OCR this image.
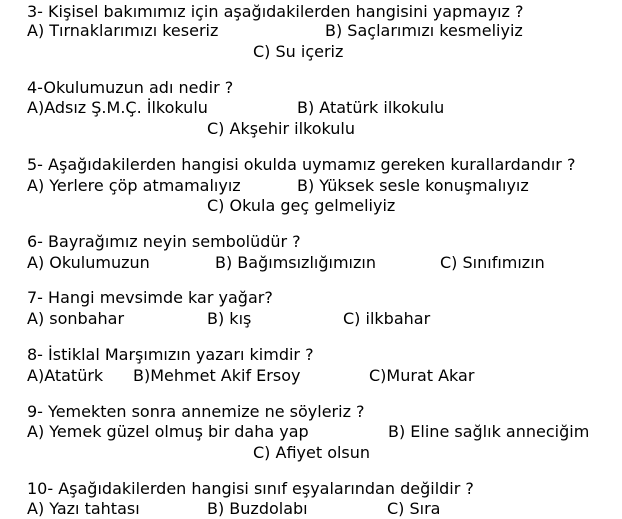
3- Kişisel bakımımız için aşağıdakilerden hangisini yapmayız ?
A) Tırnaklarımızı keseriz	B) Saçlarımızı kesmeliyiz
C) Su içeriz
4-Okulumuzun adı nedir ?
A)Adsız Ş.M.Ç. İlkokulu	B) Atatürk ilkokulu
C) Akşehir ilkokulu
5- Aşağıdakilerden hangisi okulda uymamız gereken kurallardandır ?
A) Yerlere çöp atmamalıyız	B) Yüksek sesle konuşmalıyız
C) Okula geç gelmeliyiz
6- Bayrağımız neyin sembolüdür ?
A) Okulumuzun	B) Bağımsızlığımızın	C) Sınıfımızın
7- Hangi mevsimde kar yağar?
A) sonbahar	B) kış	C) ilkbahar
8- İstiklal Marşımızın yazarı kimdir ?
A)Atatürk B)Mehmet Akif Ersoy	C)Murat Akar
9- Yemekten sonra annemize ne söyleriz ?
A) Yemek güzel olmuş bir daha yap	B) Eline sağlık anneciğim
C) Afiyet olsun
10- Aşağıdakilerden hangisi sınıf eşyalarından değildir ?
A) Yazı tahtası	B) Buzdolabı	C) Sıra
